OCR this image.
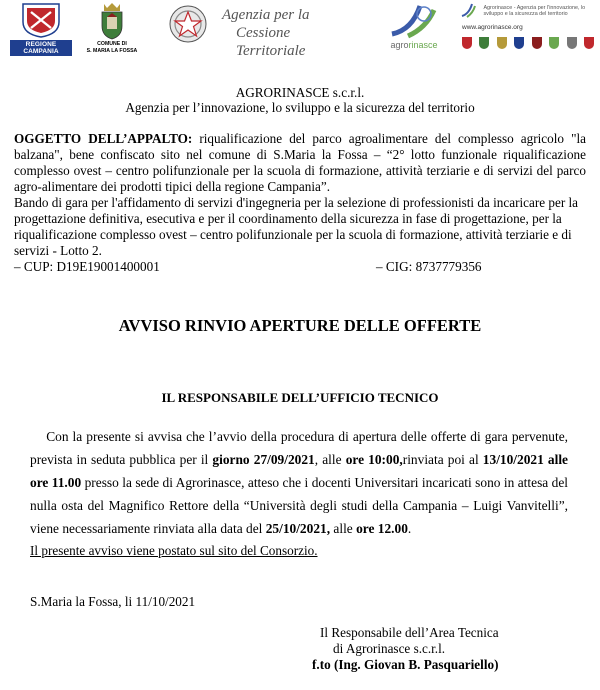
REGIONE CAMPANIA
COMUNE DI
S. MARIA LA FOSSA
Agenzia per la
Cessione Territoriale	agrorinasce
Agrorinasce - Agenzia per l'innovazione, lo sviluppo e la sicurezza del territorio
www.agrorinasce.org

AGRORINASCE s.c.r.l.
Agenzia per l’innovazione, lo sviluppo e la sicurezza del territorio
OGGETTO DELL’APPALTO: riqualificazione del parco agroalimentare del complesso agricolo "la balzana", bene confiscato sito nel comune di S.Maria la Fossa – “2° lotto funzionale riqualificazione complesso ovest – centro polifunzionale per la scuola di formazione, attività terziarie e di servizi del parco agro-alimentare dei prodotti tipici della regione Campania”.
Bando di gara per l'affidamento di servizi d'ingegneria per la selezione di professionisti da incaricare per la progettazione definitiva, esecutiva e per il coordinamento della sicurezza in fase di progettazione, per la riqualificazione complesso ovest – centro polifunzionale per la scuola di formazione, attività terziarie e di servizi - Lotto 2.
– CUP: D19E19001400001	– CIG: 8737779356
AVVISO RINVIO APERTURE DELLE OFFERTE
IL RESPONSABILE DELL’UFFICIO TECNICO
Con la presente si avvisa che l’avvio della procedura di apertura delle offerte di gara pervenute, prevista in seduta pubblica per il giorno 27/09/2021, alle ore 10:00,rinviata poi al 13/10/2021 alle ore 11.00 presso la sede di Agrorinasce, atteso che i docenti Universitari incaricati sono in attesa del nulla osta del Magnifico Rettore della “Università degli studi della Campania – Luigi Vanvitelli”, viene necessariamente rinviata alla data del 25/10/2021, alle ore 12.00.
Il presente avviso viene postato sul sito del Consorzio.
S.Maria la Fossa, li 11/10/2021
Il Responsabile dell’Area Tecnica
di Agrorinasce s.c.r.l.
f.to (Ing. Giovan B. Pasquariello)
